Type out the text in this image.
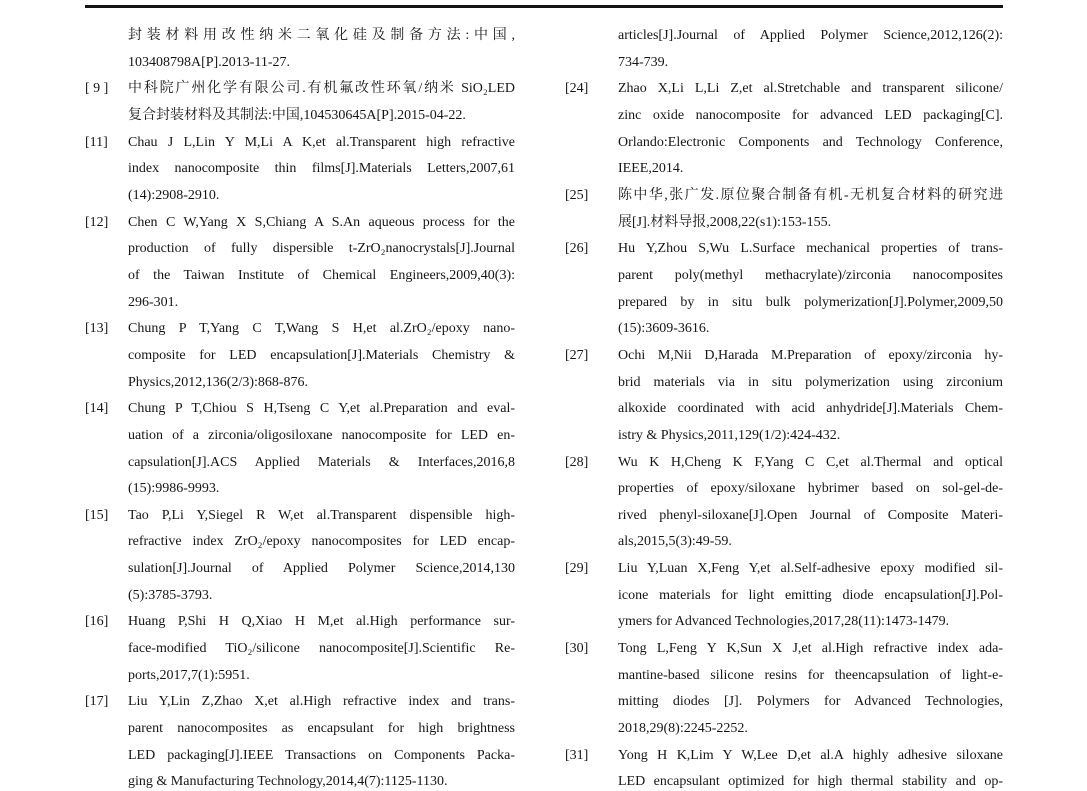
封装材料用改性纳米二氧化硅及制备方法:中国,
103408798A[P].2013-11-27.
[ 9 ]	中科院广州化学有限公司.有机氟改性环氧/纳米 SiO₂LED
复合封装材料及其制法:中国,104530645A[P].2015-04-22.
[11]	Chau J L,Lin Y M,Li A K,et al.Transparent high refractive
index nanocomposite thin films[J].Materials Letters,2007,61
(14):2908-2910.
[12]	Chen C W,Yang X S,Chiang A S.An aqueous process for the
production of fully dispersible t-ZrO₂nanocrystals[J].Journal
of the Taiwan Institute of Chemical Engineers,2009,40(3):
296-301.
[13]	Chung P T,Yang C T,Wang S H,et al.ZrO₂/epoxy nano-
composite for LED encapsulation[J].Materials Chemistry &
Physics,2012,136(2/3):868-876.
[14]	Chung P T,Chiou S H,Tseng C Y,et al.Preparation and eval-
uation of a zirconia/oligosiloxane nanocomposite for LED en-
capsulation[J].ACS Applied Materials & Interfaces,2016,8
(15):9986-9993.
[15]	Tao P,Li Y,Siegel R W,et al.Transparent dispensible high-
refractive index ZrO₂/epoxy nanocomposites for LED encap-
sulation[J].Journal of Applied Polymer Science,2014,130
(5):3785-3793.
[16]	Huang P,Shi H Q,Xiao H M,et al.High performance sur-
face-modified TiO₂/silicone nanocomposite[J].Scientific Re-
ports,2017,7(1):5951.
[17]	Liu Y,Lin Z,Zhao X,et al.High refractive index and trans-
parent nanocomposites as encapsulant for high brightness
LED packaging[J].IEEE Transactions on Components Packa-
ging & Manufacturing Technology,2014,4(7):1125-1130.
articles[J].Journal of Applied Polymer Science,2012,126(2):
734-739.
[24]	Zhao X,Li L,Li Z,et al.Stretchable and transparent silicone/
zinc oxide nanocomposite for advanced LED packaging[C].
Orlando:Electronic Components and Technology Conference,
IEEE,2014.
[25]	陈中华,张广发.原位聚合制备有机-无机复合材料的研究进
展[J].材料导报,2008,22(s1):153-155.
[26]	Hu Y,Zhou S,Wu L.Surface mechanical properties of trans-
parent poly(methyl methacrylate)/zirconia nanocomposites
prepared by in situ bulk polymerization[J].Polymer,2009,50
(15):3609-3616.
[27]	Ochi M,Nii D,Harada M.Preparation of epoxy/zirconia hy-
brid materials via in situ polymerization using zirconium
alkoxide coordinated with acid anhydride[J].Materials Chem-
istry & Physics,2011,129(1/2):424-432.
[28]	Wu K H,Cheng K F,Yang C C,et al.Thermal and optical
properties of epoxy/siloxane hybrimer based on sol-gel-de-
rived phenyl-siloxane[J].Open Journal of Composite Materi-
als,2015,5(3):49-59.
[29]	Liu Y,Luan X,Feng Y,et al.Self-adhesive epoxy modified sil-
icone materials for light emitting diode encapsulation[J].Pol-
ymers for Advanced Technologies,2017,28(11):1473-1479.
[30]	Tong L,Feng Y K,Sun X J,et al.High refractive index ada-
mantine-based silicone resins for theencapsulation of light-e-
mitting diodes [J]. Polymers for Advanced Technologies,
2018,29(8):2245-2252.
[31]	Yong H K,Lim Y W,Lee D,et al.A highly adhesive siloxane
LED encapsulant optimized for high thermal stability and op-
